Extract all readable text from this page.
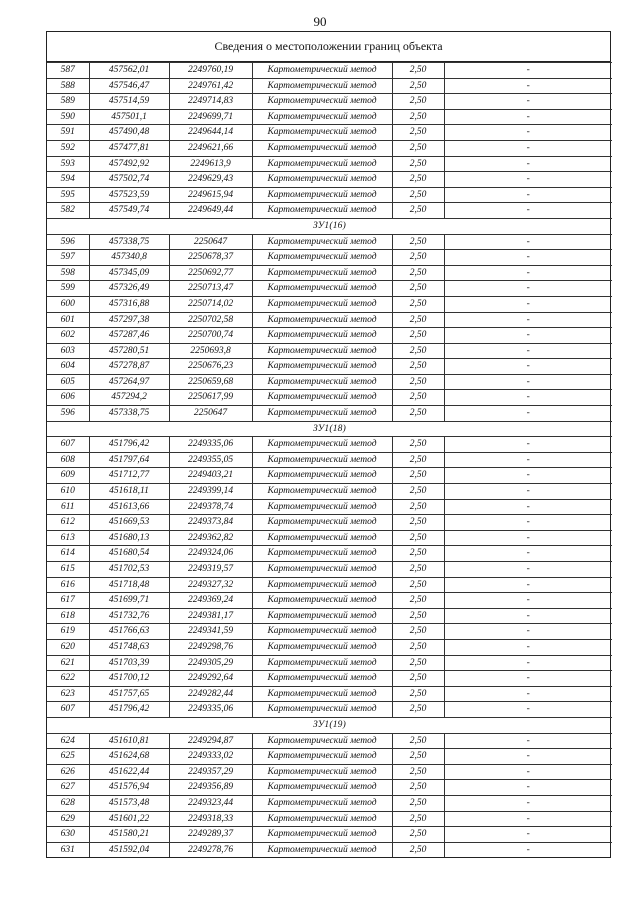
90
Сведения о местоположении границ объекта
587	457562,01	2249760,19	Картометрический метод	2,50	-
588	457546,47	2249761,42	Картометрический метод	2,50	-
589	457514,59	2249714,83	Картометрический метод	2,50	-
590	457501,1	2249699,71	Картометрический метод	2,50	-
591	457490,48	2249644,14	Картометрический метод	2,50	-
592	457477,81	2249621,66	Картометрический метод	2,50	-
593	457492,92	2249613,9	Картометрический метод	2,50	-
594	457502,74	2249629,43	Картометрический метод	2,50	-
595	457523,59	2249615,94	Картометрический метод	2,50	-
582	457549,74	2249649,44	Картометрический метод	2,50	-
ЗУ1(16)					
596	457338,75	2250647	Картометрический метод	2,50	-
597	457340,8	2250678,37	Картометрический метод	2,50	-
598	457345,09	2250692,77	Картометрический метод	2,50	-
599	457326,49	2250713,47	Картометрический метод	2,50	-
600	457316,88	2250714,02	Картометрический метод	2,50	-
601	457297,38	2250702,58	Картометрический метод	2,50	-
602	457287,46	2250700,74	Картометрический метод	2,50	-
603	457280,51	2250693,8	Картометрический метод	2,50	-
604	457278,87	2250676,23	Картометрический метод	2,50	-
605	457264,97	2250659,68	Картометрический метод	2,50	-
606	457294,2	2250617,99	Картометрический метод	2,50	-
596	457338,75	2250647	Картометрический метод	2,50	-
ЗУ1(18)					
607	451796,42	2249335,06	Картометрический метод	2,50	-
608	451797,64	2249355,05	Картометрический метод	2,50	-
609	451712,77	2249403,21	Картометрический метод	2,50	-
610	451618,11	2249399,14	Картометрический метод	2,50	-
611	451613,66	2249378,74	Картометрический метод	2,50	-
612	451669,53	2249373,84	Картометрический метод	2,50	-
613	451680,13	2249362,82	Картометрический метод	2,50	-
614	451680,54	2249324,06	Картометрический метод	2,50	-
615	451702,53	2249319,57	Картометрический метод	2,50	-
616	451718,48	2249327,32	Картометрический метод	2,50	-
617	451699,71	2249369,24	Картометрический метод	2,50	-
618	451732,76	2249381,17	Картометрический метод	2,50	-
619	451766,63	2249341,59	Картометрический метод	2,50	-
620	451748,63	2249298,76	Картометрический метод	2,50	-
621	451703,39	2249305,29	Картометрический метод	2,50	-
622	451700,12	2249292,64	Картометрический метод	2,50	-
623	451757,65	2249282,44	Картометрический метод	2,50	-
607	451796,42	2249335,06	Картометрический метод	2,50	-
ЗУ1(19)					
624	451610,81	2249294,87	Картометрический метод	2,50	-
625	451624,68	2249333,02	Картометрический метод	2,50	-
626	451622,44	2249357,29	Картометрический метод	2,50	-
627	451576,94	2249356,89	Картометрический метод	2,50	-
628	451573,48	2249323,44	Картометрический метод	2,50	-
629	451601,22	2249318,33	Картометрический метод	2,50	-
630	451580,21	2249289,37	Картометрический метод	2,50	-
631	451592,04	2249278,76	Картометрический метод	2,50	-
